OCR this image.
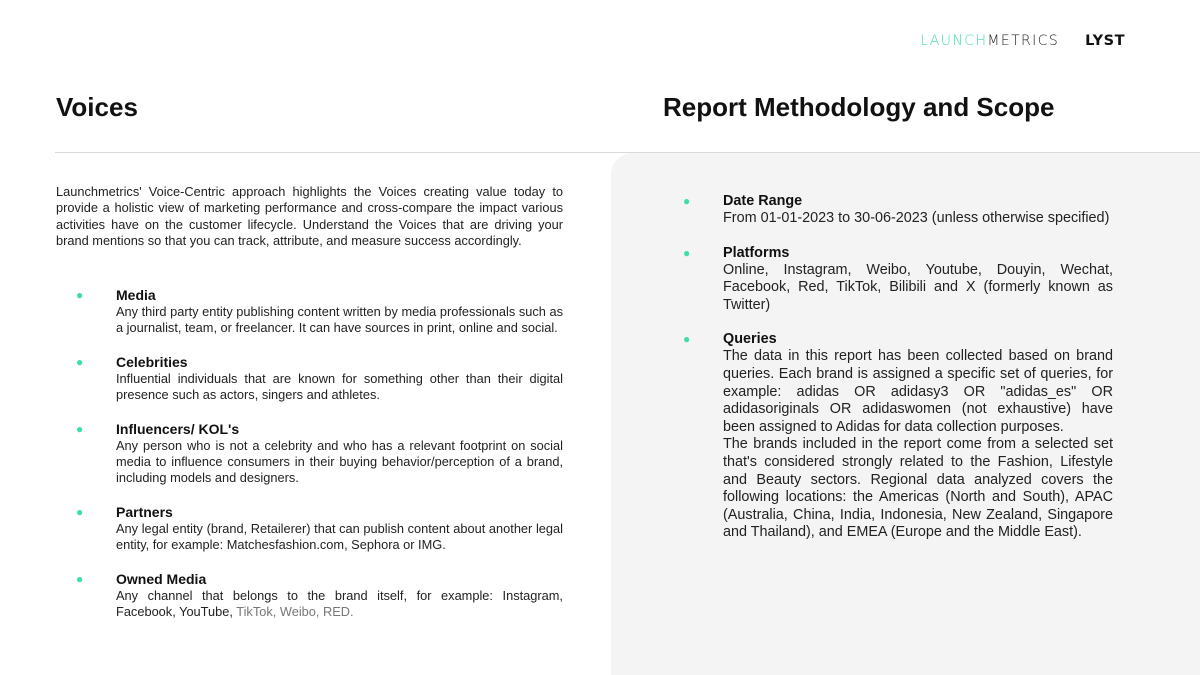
LAUNCHMETRICS LYST
Voices	Report Methodology and Scope

Launchmetrics' Voice-Centric approach highlights the Voices creating value today to provide a holistic view of marketing performance and cross-compare the impact various activities have on the customer lifecycle. Understand the Voices that are driving your brand mentions so that you can track, attribute, and measure success accordingly.

● Media
Any third party entity publishing content written by media professionals such as a journalist, team, or freelancer. It can have sources in print, online and social.
● Celebrities
Influential individuals that are known for something other than their digital presence such as actors, singers and athletes.
● Influencers/ KOL's
Any person who is not a celebrity and who has a relevant footprint on social media to influence consumers in their buying behavior/perception of a brand, including models and designers.
● Partners
Any legal entity (brand, Retailerer) that can publish content about another legal entity, for example: Matchesfashion.com, Sephora or IMG.
● Owned Media
Any channel that belongs to the brand itself, for example: Instagram, Facebook, YouTube, TikTok, Weibo, RED.
● Date Range
From 01-01-2023 to 30-06-2023 (unless otherwise specified)
● Platforms
Online, Instagram, Weibo, Youtube, Douyin, Wechat, Facebook, Red, TikTok, Bilibili and X (formerly known as Twitter)
● Queries
The data in this report has been collected based on brand queries. Each brand is assigned a specific set of queries, for example: adidas OR adidasy3 OR "adidas_es" OR adidasoriginals OR adidaswomen (not exhaustive) have been assigned to Adidas for data collection purposes.
The brands included in the report come from a selected set that's considered strongly related to the Fashion, Lifestyle and Beauty sectors. Regional data analyzed covers the following locations: the Americas (North and South), APAC (Australia, China, India, Indonesia, New Zealand, Singapore and Thailand), and EMEA (Europe and the Middle East).
